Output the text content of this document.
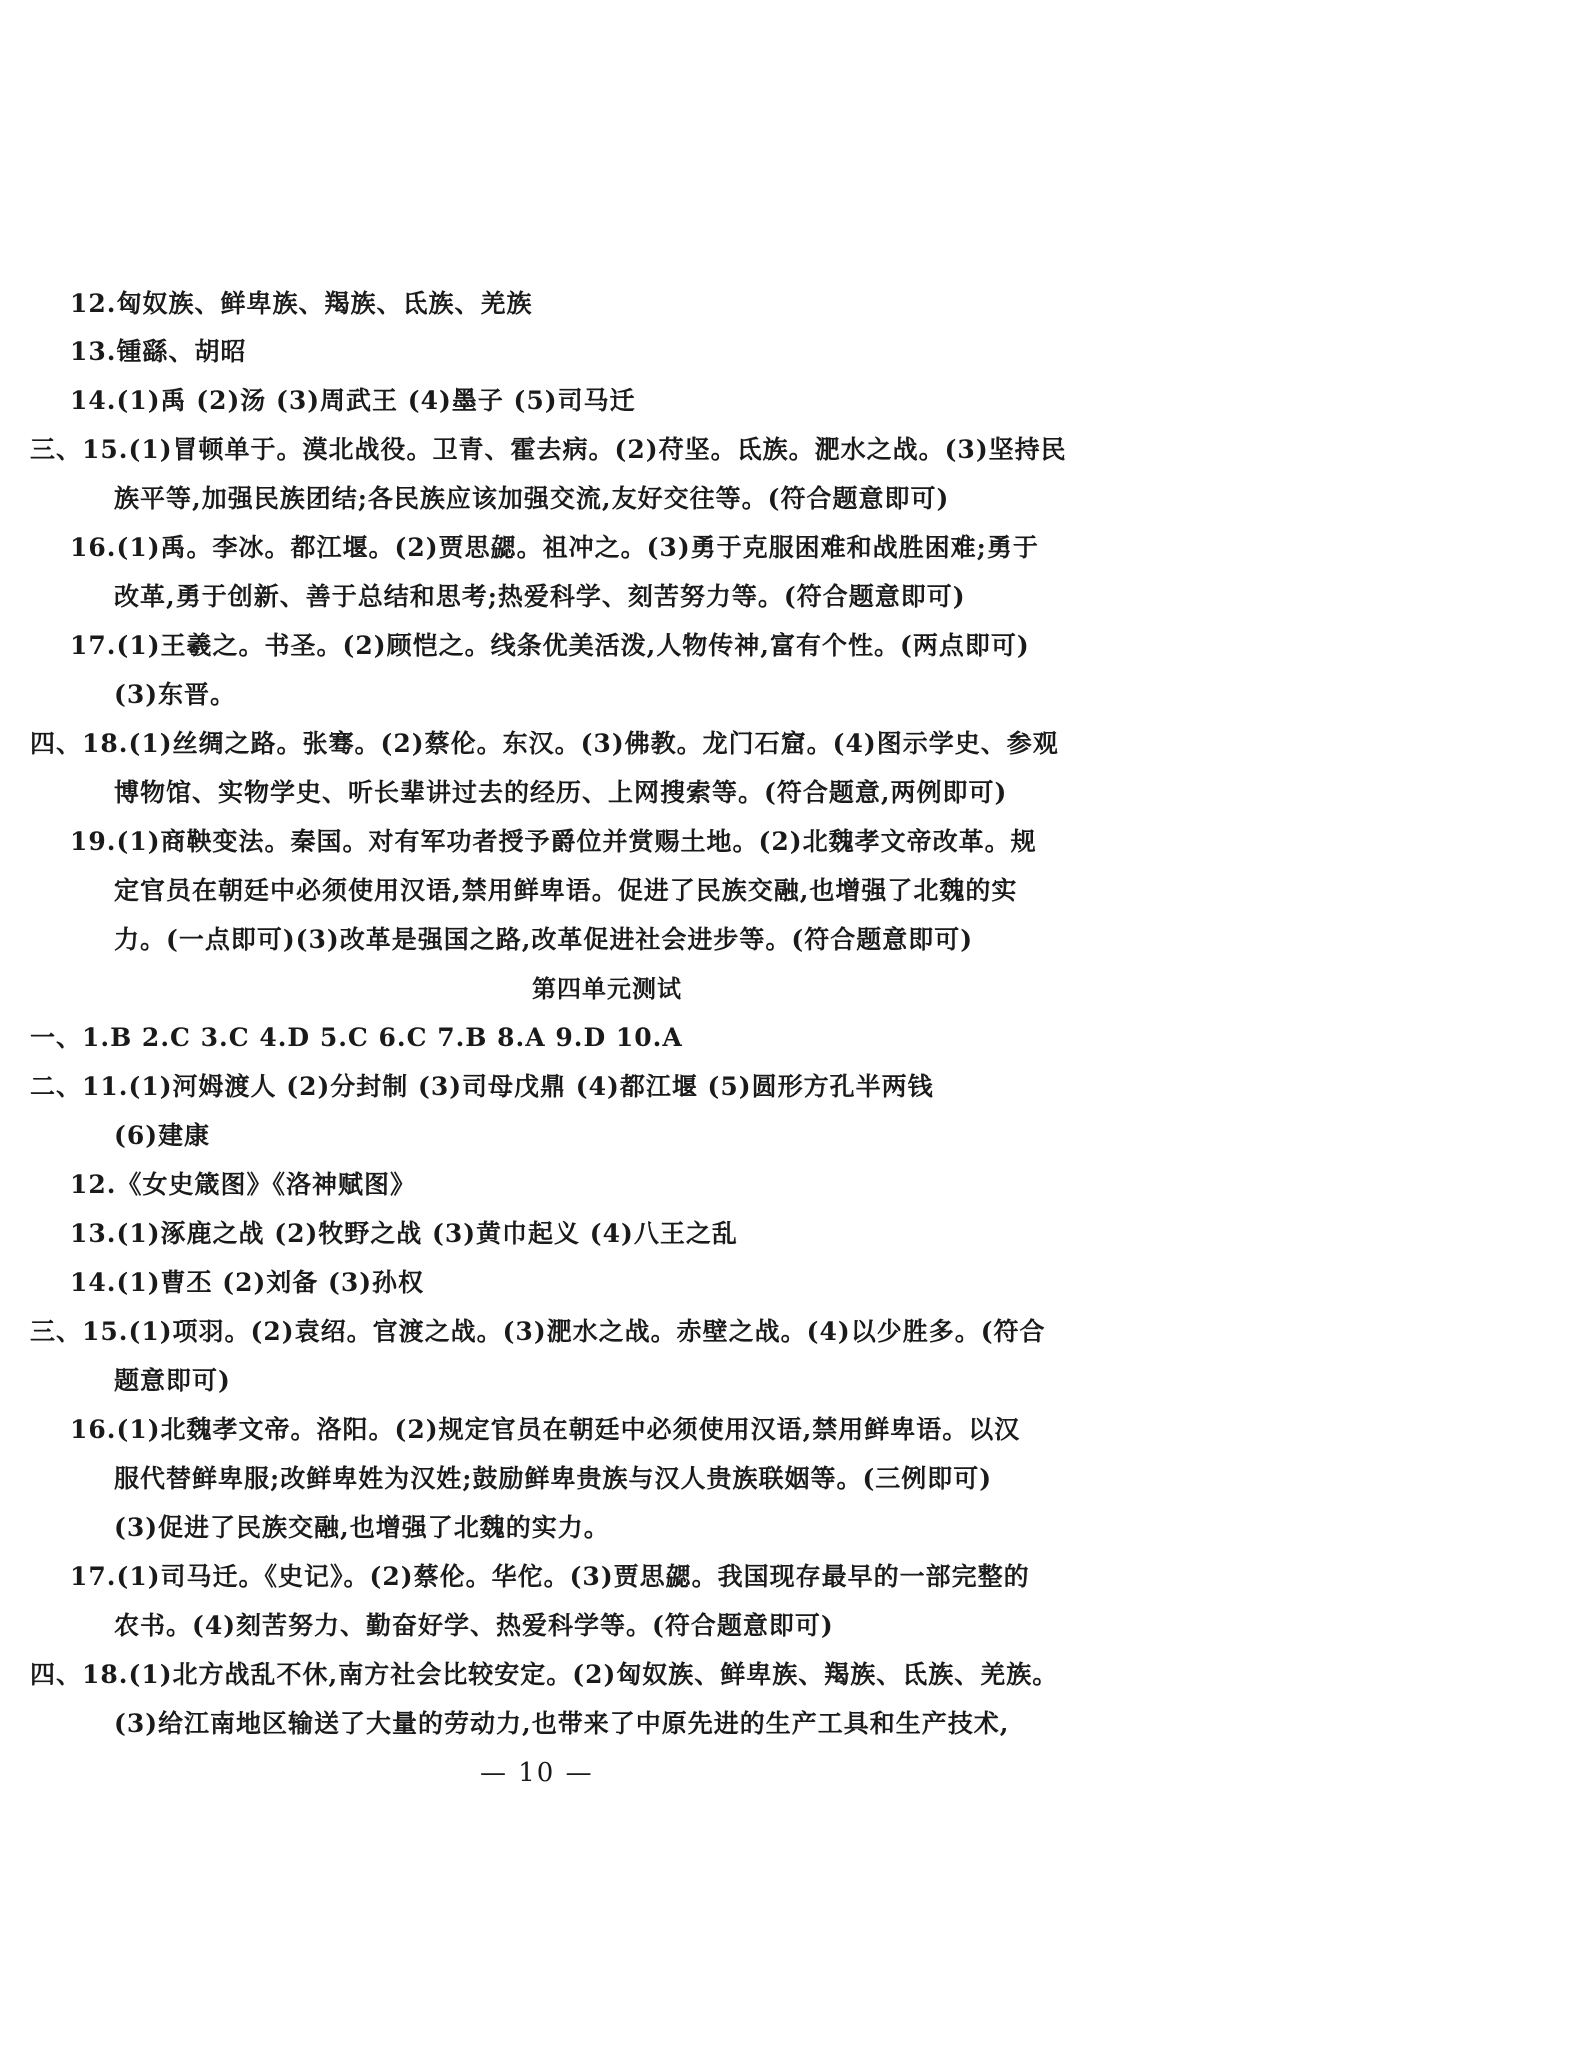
12.匈奴族、鲜卑族、羯族、氐族、羌族
13.锺繇、胡昭
14.(1)禹 (2)汤 (3)周武王 (4)墨子 (5)司马迁
三、15.(1)冒顿单于。漠北战役。卫青、霍去病。(2)苻坚。氐族。淝水之战。(3)坚持民
族平等,加强民族团结;各民族应该加强交流,友好交往等。(符合题意即可)
16.(1)禹。李冰。都江堰。(2)贾思勰。祖冲之。(3)勇于克服困难和战胜困难;勇于
改革,勇于创新、善于总结和思考;热爱科学、刻苦努力等。(符合题意即可)
17.(1)王羲之。书圣。(2)顾恺之。线条优美活泼,人物传神,富有个性。(两点即可)
(3)东晋。
四、18.(1)丝绸之路。张骞。(2)蔡伦。东汉。(3)佛教。龙门石窟。(4)图示学史、参观
博物馆、实物学史、听长辈讲过去的经历、上网搜索等。(符合题意,两例即可)
19.(1)商鞅变法。秦国。对有军功者授予爵位并赏赐土地。(2)北魏孝文帝改革。规
定官员在朝廷中必须使用汉语,禁用鲜卑语。促进了民族交融,也增强了北魏的实
力。(一点即可)(3)改革是强国之路,改革促进社会进步等。(符合题意即可)
第四单元测试
一、1.B 2.C 3.C 4.D 5.C 6.C 7.B 8.A 9.D 10.A
二、11.(1)河姆渡人 (2)分封制 (3)司母戊鼎 (4)都江堰 (5)圆形方孔半两钱
(6)建康
12.《女史箴图》《洛神赋图》
13.(1)涿鹿之战 (2)牧野之战 (3)黄巾起义 (4)八王之乱
14.(1)曹丕 (2)刘备 (3)孙权
三、15.(1)项羽。(2)袁绍。官渡之战。(3)淝水之战。赤壁之战。(4)以少胜多。(符合
题意即可)
16.(1)北魏孝文帝。洛阳。(2)规定官员在朝廷中必须使用汉语,禁用鲜卑语。以汉
服代替鲜卑服;改鲜卑姓为汉姓;鼓励鲜卑贵族与汉人贵族联姻等。(三例即可)
(3)促进了民族交融,也增强了北魏的实力。
17.(1)司马迁。《史记》。(2)蔡伦。华佗。(3)贾思勰。我国现存最早的一部完整的
农书。(4)刻苦努力、勤奋好学、热爱科学等。(符合题意即可)
四、18.(1)北方战乱不休,南方社会比较安定。(2)匈奴族、鲜卑族、羯族、氐族、羌族。
(3)给江南地区输送了大量的劳动力,也带来了中原先进的生产工具和生产技术,
— 10 —
